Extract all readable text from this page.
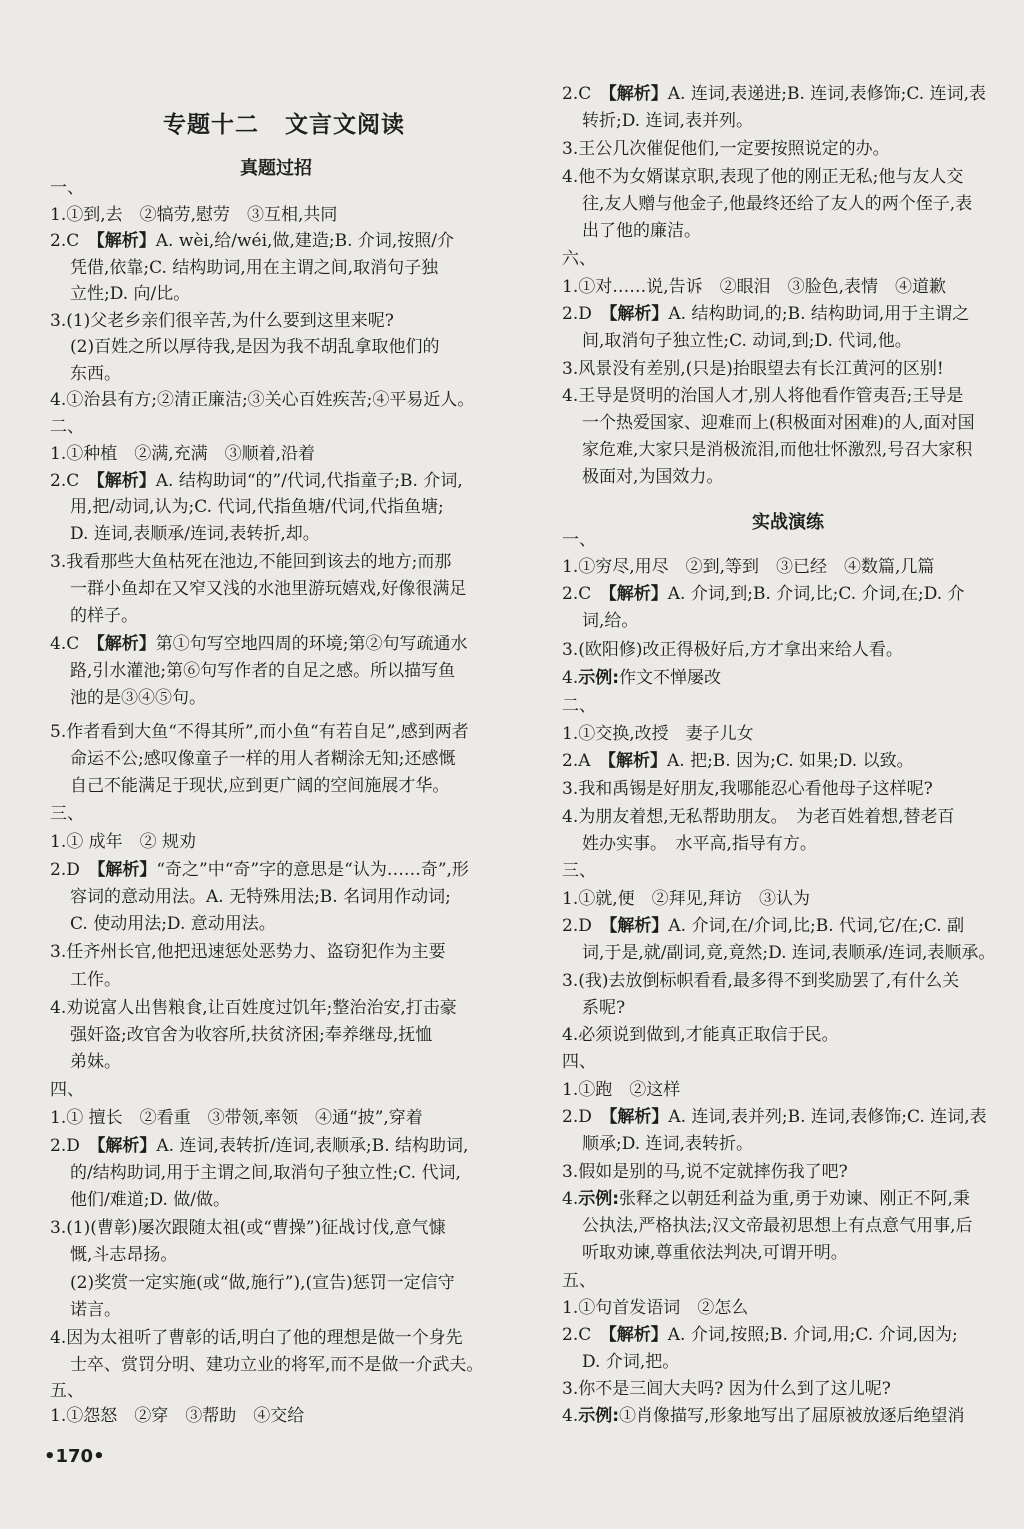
专题十二 文言文阅读
真题过招
实战演练
一、
1.①到,去　②犒劳,慰劳　③互相,共同
2.C　【解析】A. wèi,给/wéi,做,建造;B. 介词,按照/介
凭借,依靠;C. 结构助词,用在主谓之间,取消句子独
立性;D. 向/比。
3.(1)父老乡亲们很辛苦,为什么要到这里来呢?
(2)百姓之所以厚待我,是因为我不胡乱拿取他们的
东西。
4.①治县有方;②清正廉洁;③关心百姓疾苦;④平易近人。
二、
1.①种植　②满,充满　③顺着,沿着
2.C　【解析】A. 结构助词“的”/代词,代指童子;B. 介词,
用,把/动词,认为;C. 代词,代指鱼塘/代词,代指鱼塘;
D. 连词,表顺承/连词,表转折,却。
3.我看那些大鱼枯死在池边,不能回到该去的地方;而那
一群小鱼却在又窄又浅的水池里游玩嬉戏,好像很满足
的样子。
4.C　【解析】第①句写空地四周的环境;第②句写疏通水
路,引水灌池;第⑥句写作者的自足之感。所以描写鱼
池的是③④⑤句。
5.作者看到大鱼“不得其所”,而小鱼“有若自足”,感到两者
命运不公;感叹像童子一样的用人者糊涂无知;还感慨
自己不能满足于现状,应到更广阔的空间施展才华。
三、
1.① 成年　② 规劝
2.D　【解析】“奇之”中“奇”字的意思是“认为……奇”,形
容词的意动用法。A. 无特殊用法;B. 名词用作动词;
C. 使动用法;D. 意动用法。
3.任齐州长官,他把迅速惩处恶势力、盗窃犯作为主要
工作。
4.劝说富人出售粮食,让百姓度过饥年;整治治安,打击豪
强奸盗;改官舍为收容所,扶贫济困;奉养继母,抚恤
弟妹。
四、
1.① 擅长　②看重　③带领,率领　④通“披”,穿着
2.D　【解析】A. 连词,表转折/连词,表顺承;B. 结构助词,
的/结构助词,用于主谓之间,取消句子独立性;C. 代词,
他们/难道;D. 做/做。
3.(1)(曹彰)屡次跟随太祖(或“曹操”)征战讨伐,意气慷
慨,斗志昂扬。
(2)奖赏一定实施(或“做,施行”),(宣告)惩罚一定信守
诺言。
4.因为太祖听了曹彰的话,明白了他的理想是做一个身先
士卒、赏罚分明、建功立业的将军,而不是做一介武夫。
五、
1.①怨怒　②穿　③帮助　④交给
2.C　【解析】A. 连词,表递进;B. 连词,表修饰;C. 连词,表
转折;D. 连词,表并列。
3.王公几次催促他们,一定要按照说定的办。
4.他不为女婿谋京职,表现了他的刚正无私;他与友人交
往,友人赠与他金子,他最终还给了友人的两个侄子,表
出了他的廉洁。
六、
1.①对……说,告诉　②眼泪　③脸色,表情　④道歉
2.D　【解析】A. 结构助词,的;B. 结构助词,用于主谓之
间,取消句子独立性;C. 动词,到;D. 代词,他。
3.风景没有差别,(只是)抬眼望去有长江黄河的区别!
4.王导是贤明的治国人才,别人将他看作管夷吾;王导是
一个热爱国家、迎难而上(积极面对困难)的人,面对国
家危难,大家只是消极流泪,而他壮怀激烈,号召大家积
极面对,为国效力。
一、
1.①穷尽,用尽　②到,等到　③已经　④数篇,几篇
2.C　【解析】A. 介词,到;B. 介词,比;C. 介词,在;D. 介
词,给。
3.(欧阳修)改正得极好后,方才拿出来给人看。
4.示例:作文不惮屡改
二、
1.①交换,改授　妻子儿女
2.A　【解析】A. 把;B. 因为;C. 如果;D. 以致。
3.我和禹锡是好朋友,我哪能忍心看他母子这样呢?
4.为朋友着想,无私帮助朋友。　为老百姓着想,替老百
姓办实事。　水平高,指导有方。
三、
1.①就,便　②拜见,拜访　③认为
2.D　【解析】A. 介词,在/介词,比;B. 代词,它/在;C. 副
词,于是,就/副词,竟,竟然;D. 连词,表顺承/连词,表顺承。
3.(我)去放倒标帜看看,最多得不到奖励罢了,有什么关
系呢?
4.必须说到做到,才能真正取信于民。
四、
1.①跑　②这样
2.D　【解析】A. 连词,表并列;B. 连词,表修饰;C. 连词,表
顺承;D. 连词,表转折。
3.假如是别的马,说不定就摔伤我了吧?
4.示例:张释之以朝廷利益为重,勇于劝谏、刚正不阿,秉
公执法,严格执法;汉文帝最初思想上有点意气用事,后
听取劝谏,尊重依法判决,可谓开明。
五、
1.①句首发语词　②怎么
2.C　【解析】A. 介词,按照;B. 介词,用;C. 介词,因为;
D. 介词,把。
3.你不是三闾大夫吗? 因为什么到了这儿呢?
4.示例:①肖像描写,形象地写出了屈原被放逐后绝望消
•170•
